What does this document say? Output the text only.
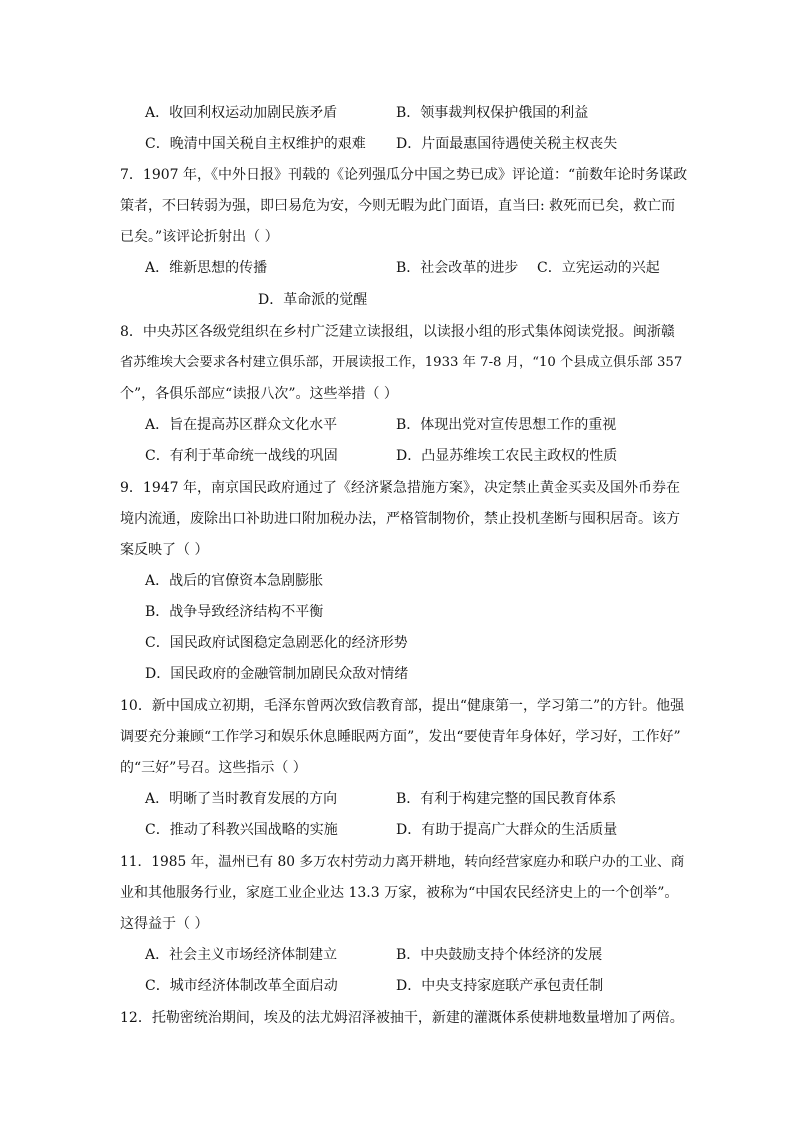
A．收回利权运动加剧民族矛盾	B．领事裁判权保护俄国的利益
C．晚清中国关税自主权维护的艰难 D．片面最惠国待遇使关税主权丧失
7．1907 年，《中外日报》刊载的《论列强瓜分中国之势已成》评论道：“前数年论时务谋政
策者，不曰转弱为强，即曰易危为安，今则无暇为此门面语，直当曰: 救死而已矣，救亡而
已矣。”该评论折射出（ ）
A．维新思想的传播	B．社会改革的进步 C．立宪运动的兴起
D．革命派的觉醒
8．中央苏区各级党组织在乡村广泛建立读报组，以读报小组的形式集体阅读党报。闽浙赣
省苏维埃大会要求各村建立俱乐部，开展读报工作，1933 年 7-8 月，“10 个县成立俱乐部 357
个”，各俱乐部应“读报八次”。这些举措（ ）
A．旨在提高苏区群众文化水平	B．体现出党对宣传思想工作的重视
C．有利于革命统一战线的巩固	D．凸显苏维埃工农民主政权的性质
9．1947 年，南京国民政府通过了《经济紧急措施方案》，决定禁止黄金买卖及国外币券在
境内流通，废除出口补助进口附加税办法，严格管制物价，禁止投机垄断与囤积居奇。该方
案反映了（ ）
A．战后的官僚资本急剧膨胀
B．战争导致经济结构不平衡
C．国民政府试图稳定急剧恶化的经济形势
D．国民政府的金融管制加剧民众敌对情绪
10．新中国成立初期，毛泽东曾两次致信教育部，提出“健康第一，学习第二”的方针。他强
调要充分兼顾“工作学习和娱乐休息睡眠两方面”，发出“要使青年身体好，学习好，工作好”
的“三好”号召。这些指示（ ）
A．明晰了当时教育发展的方向	B．有利于构建完整的国民教育体系
C．推动了科教兴国战略的实施	D．有助于提高广大群众的生活质量
11．1985 年，温州已有 80 多万农村劳动力离开耕地，转向经营家庭办和联户办的工业、商
业和其他服务行业，家庭工业企业达 13.3 万家，被称为“中国农民经济史上的一个创举”。
这得益于（ ）
A．社会主义市场经济体制建立	B．中央鼓励支持个体经济的发展
C．城市经济体制改革全面启动	D．中央支持家庭联产承包责任制
12．托勒密统治期间，埃及的法尤姆沼泽被抽干，新建的灌溉体系使耕地数量增加了两倍。
